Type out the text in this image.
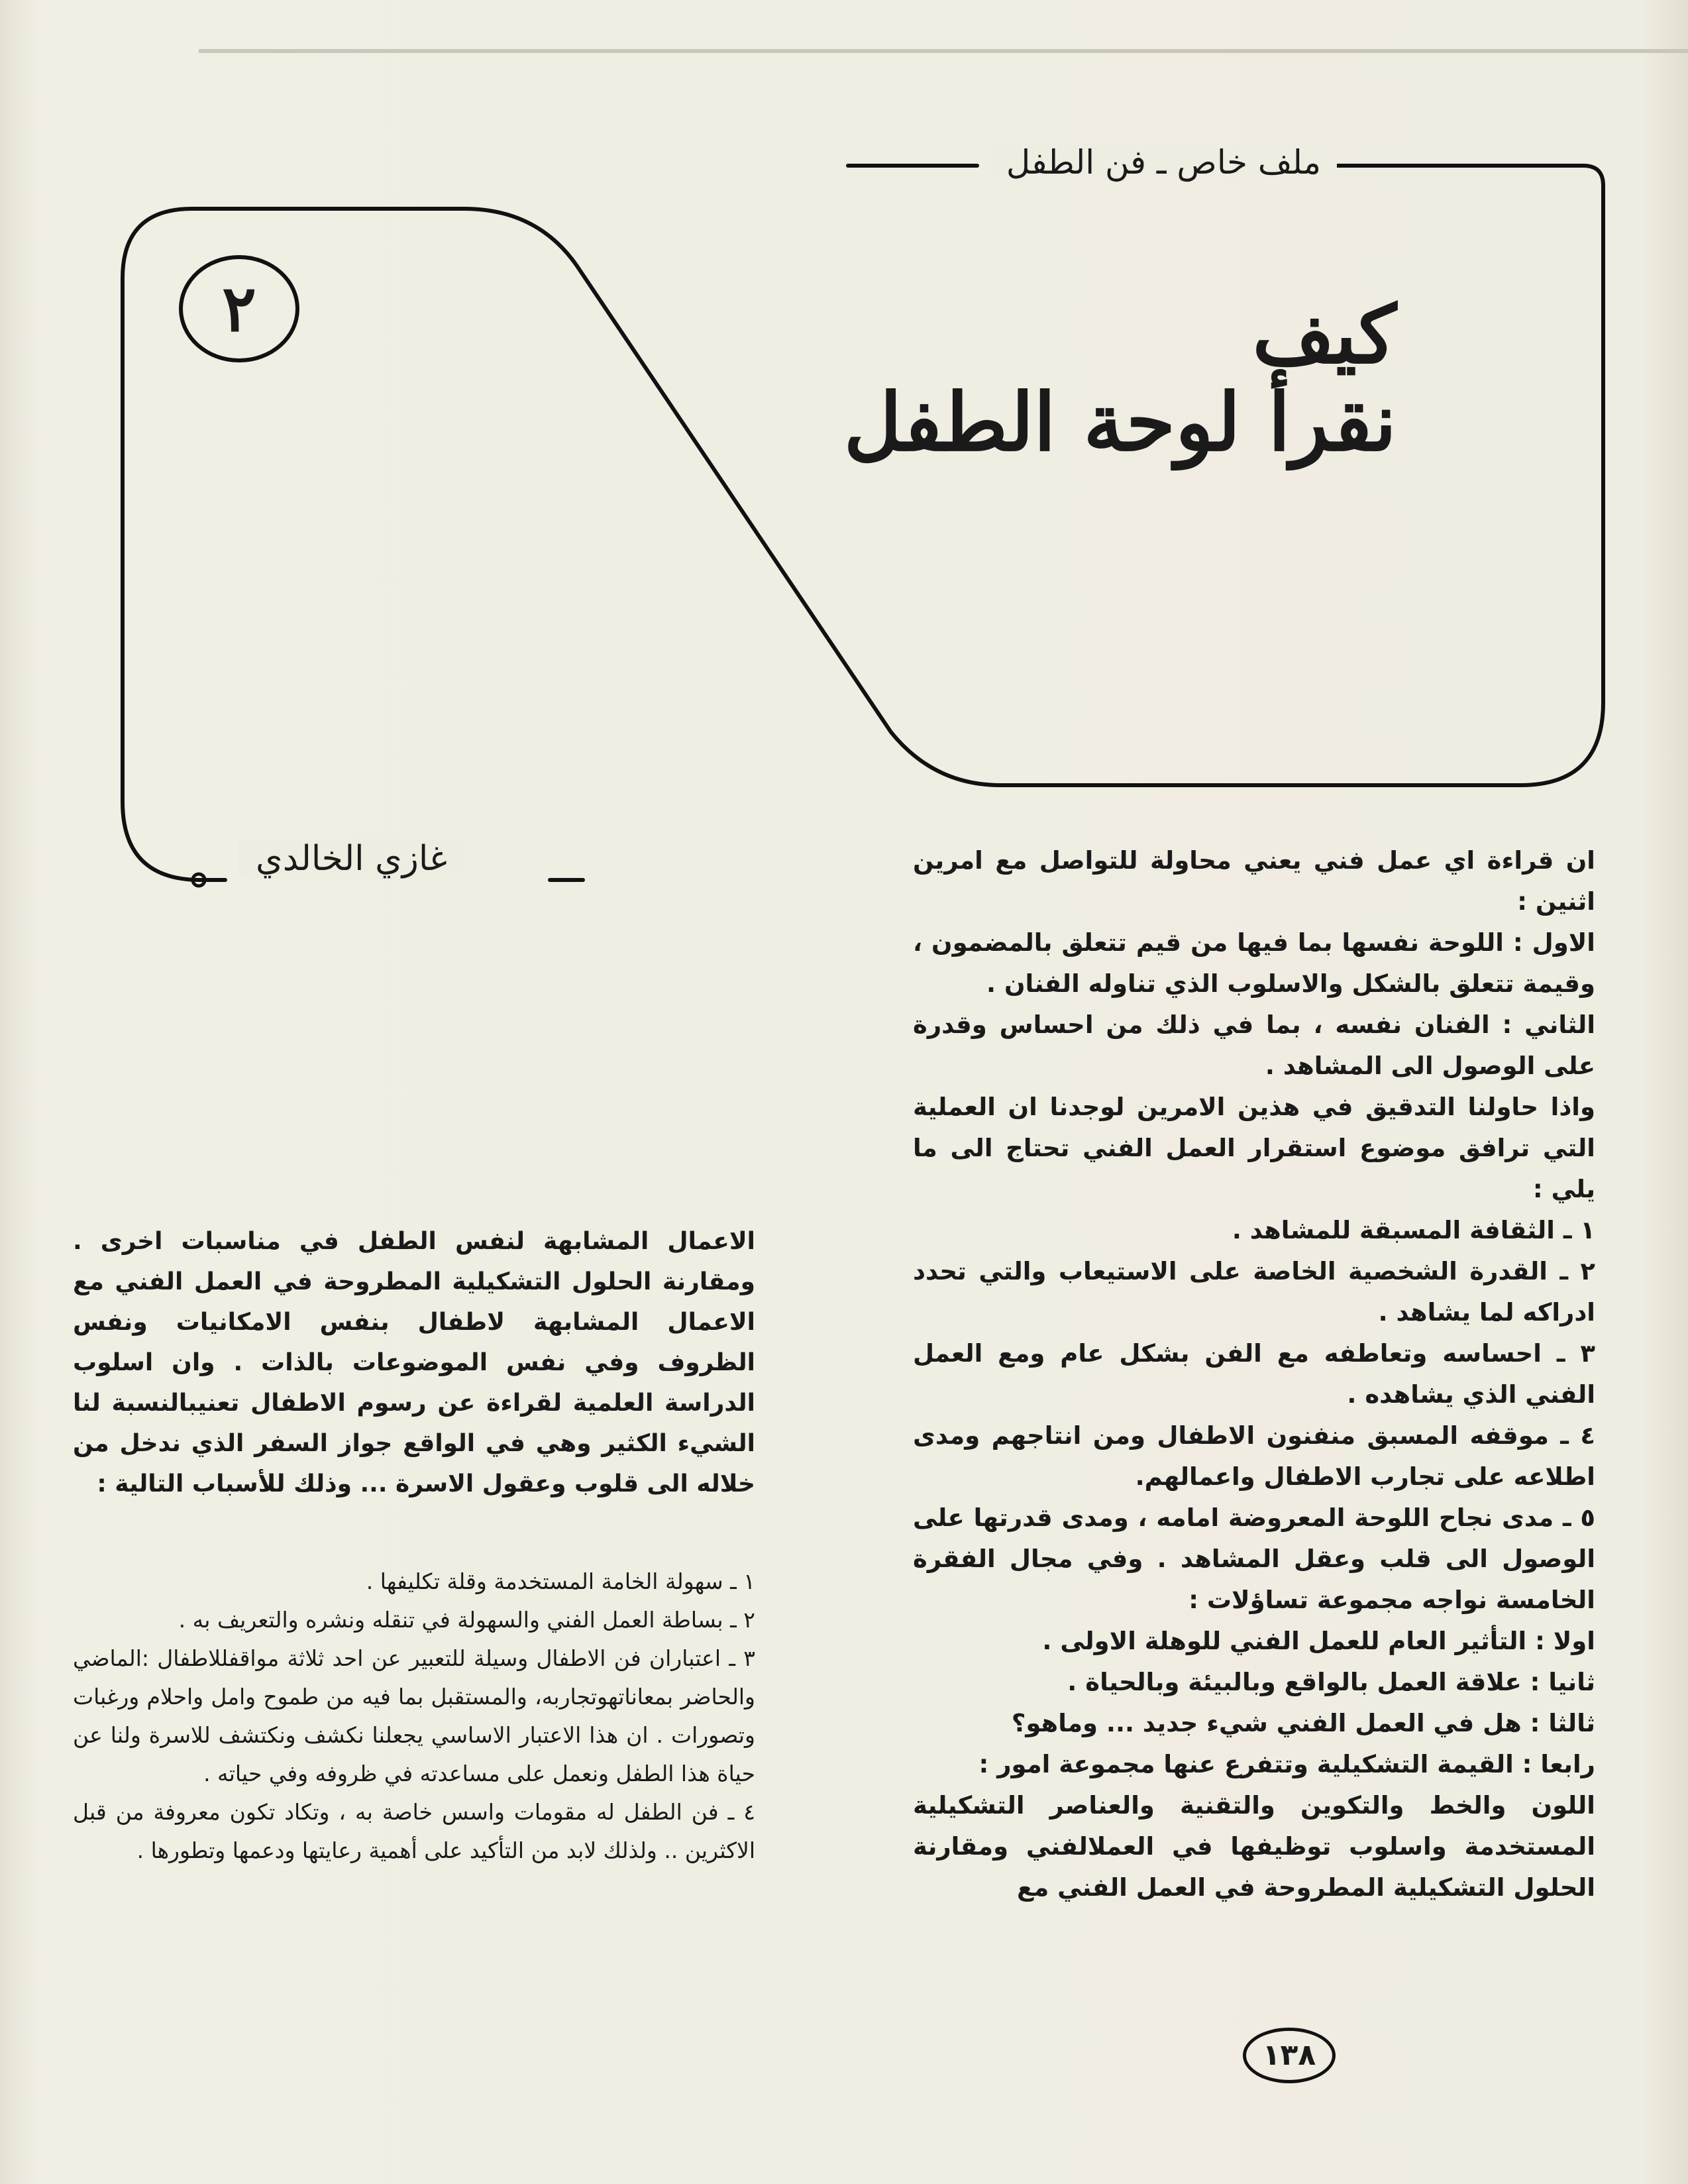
ملف خاص ـ فن الطفل
٢	كيف
نقرأ لوحة الطفل
غازي الخالدي	ان قراءة اي عمل فني يعني محاولة للتواصل مع امرين اثنين :

الاول : اللوحة نفسها بما فيها من قيم تتعلق بالمضمون ، وقيمة تتعلق بالشكل والاسلوب الذي تناوله الفنان .

الثاني : الفنان نفسه ، بما في ذلك من احساس وقدرة على الوصول الى المشاهد .

واذا حاولنا التدقيق في هذين الامرين لوجدنا ان العملية التي ترافق موضوع استقرار العمل الفني تحتاج الى ما يلي :

١ ـ الثقافة المسبقة للمشاهد .

٢ ـ القدرة الشخصية الخاصة على الاستيعاب والتي تحدد ادراكه لما يشاهد .

٣ ـ احساسه وتعاطفه مع الفن بشكل عام ومع العمل الفني الذي يشاهده .

٤ ـ موقفه المسبق منفنون الاطفال ومن انتاجهم ومدى اطلاعه على تجارب الاطفال واعمالهم.

٥ ـ مدى نجاح اللوحة المعروضة امامه ، ومدى قدرتها على الوصول الى قلب وعقل المشاهد . وفي مجال الفقرة الخامسة نواجه مجموعة تساؤلات :

اولا : التأثير العام للعمل الفني للوهلة الاولى .

ثانيا : علاقة العمل بالواقع وبالبيئة وبالحياة .

ثالثا : هل في العمل الفني شيء جديد ... وماهو؟

رابعا : القيمة التشكيلية وتتفرع عنها مجموعة امور :

اللون والخط والتكوين والتقنية والعناصر التشكيلية المستخدمة واسلوب توظيفها في العملالفني ومقارنة الحلول التشكيلية المطروحة في العمل الفني مع

الاعمال المشابهة لنفس الطفل في مناسبات اخرى . ومقارنة الحلول التشكيلية المطروحة في العمل الفني مع الاعمال المشابهة لاطفال بنفس الامكانيات ونفس الظروف وفي نفس الموضوعات بالذات . وان اسلوب الدراسة العلمية لقراءة عن رسوم الاطفال تعنيبالنسبة لنا الشيء الكثير وهي في الواقع جواز السفر الذي ندخل من خلاله الى قلوب وعقول الاسرة ... وذلك للأسباب التالية :

١ ـ سهولة الخامة المستخدمة وقلة تكليفها .

٢ ـ بساطة العمل الفني والسهولة في تنقله ونشره والتعريف به .

٣ ـ اعتباران فن الاطفال وسيلة للتعبير عن احد ثلاثة مواقفللاطفال :الماضي والحاضر بمعاناتهوتجاربه، والمستقبل بما فيه من طموح وامل واحلام ورغبات وتصورات . ان هذا الاعتبار الاساسي يجعلنا نكشف ونكتشف للاسرة ولنا عن حياة هذا الطفل ونعمل على مساعدته في ظروفه وفي حياته .

٤ ـ فن الطفل له مقومات واسس خاصة به ، وتكاد تكون معروفة من قبل الاكثرين .. ولذلك لابد من التأكيد على أهمية رعايتها ودعمها وتطورها .

١٣٨
